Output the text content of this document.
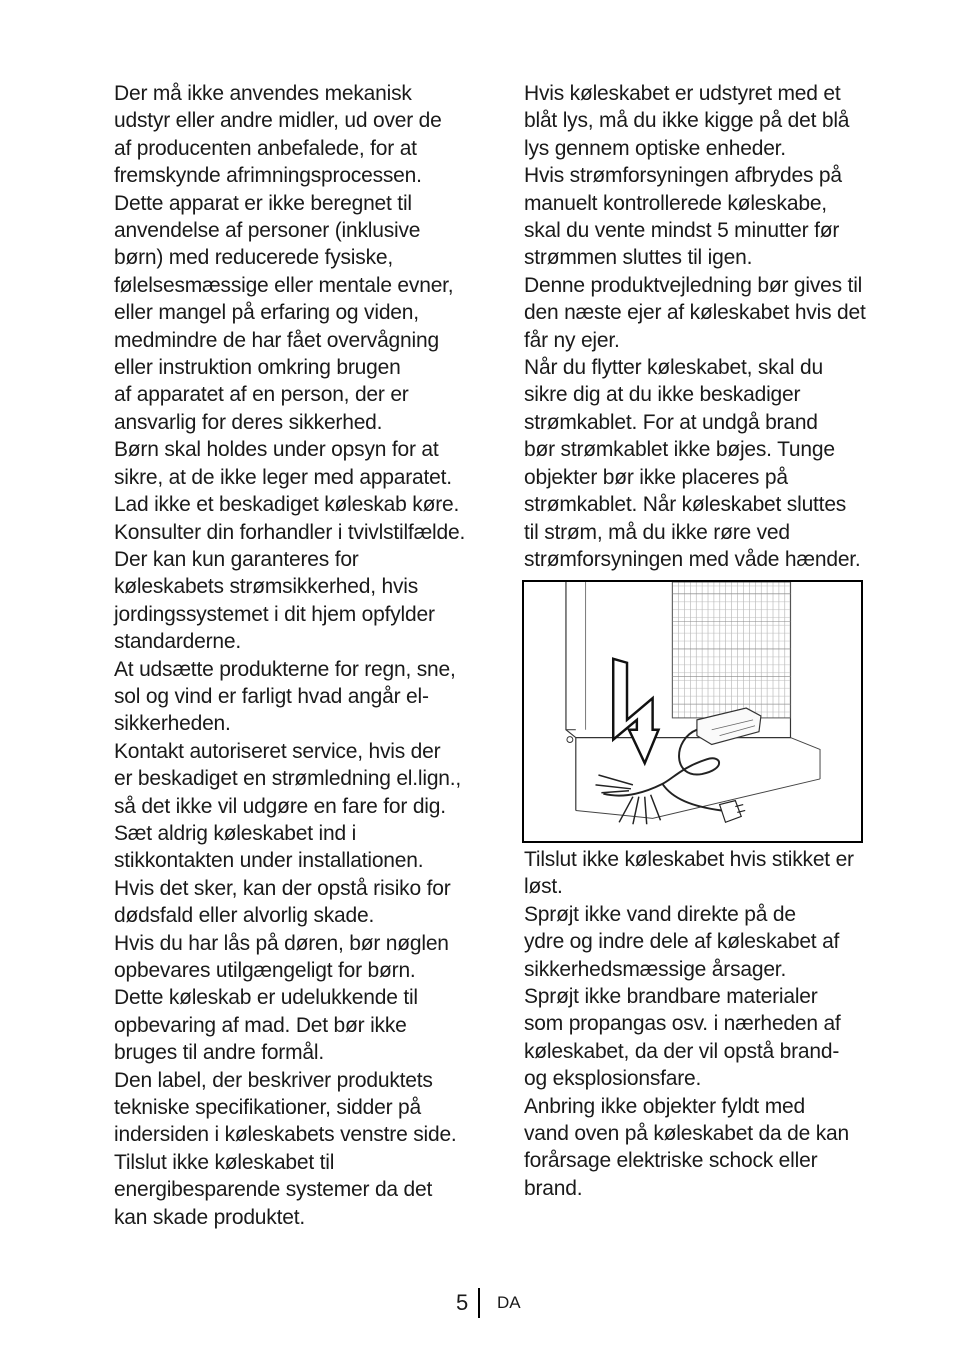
Der må ikke anvendes mekanisk
udstyr eller andre midler, ud over de
af producenten anbefalede, for at
fremskynde afrimningsprocessen.
Dette apparat er ikke beregnet til
anvendelse af personer (inklusive
børn) med reducerede fysiske,
følelsesmæssige eller mentale evner,
eller mangel på erfaring og viden,
medmindre de har fået overvågning
eller instruktion omkring brugen
af apparatet af en person, der er
ansvarlig for deres sikkerhed.
Børn skal holdes under opsyn for at
sikre, at de ikke leger med apparatet.
Lad ikke et beskadiget køleskab køre.
Konsulter din forhandler i tvivlstilfælde.
Der kan kun garanteres for
køleskabets strømsikkerhed, hvis
jordingssystemet i dit hjem opfylder
standarderne.
At udsætte produkterne for regn, sne,
sol og vind er farligt hvad angår el-
sikkerheden.
Kontakt autoriseret service, hvis der
er beskadiget en strømledning el.lign.,
så det ikke vil udgøre en fare for dig.
Sæt aldrig køleskabet ind i
stikkontakten under installationen.
Hvis det sker, kan der opstå risiko for
dødsfald eller alvorlig skade.
Hvis du har lås på døren, bør nøglen
opbevares utilgængeligt for børn.
Dette køleskab er udelukkende til
opbevaring af mad. Det bør ikke
bruges til andre formål.
Den label, der beskriver produktets
tekniske specifikationer, sidder på
indersiden i køleskabets venstre side.
Tilslut ikke køleskabet til
energibesparende systemer da det
kan skade produktet.
Hvis køleskabet er udstyret med et
blåt lys, må du ikke kigge på det blå
lys gennem optiske enheder.
Hvis strømforsyningen afbrydes på
manuelt kontrollerede køleskabe,
skal du vente mindst 5 minutter før
strømmen sluttes til igen.
Denne produktvejledning bør gives til
den næste ejer af køleskabet hvis det
får ny ejer.
Når du flytter køleskabet, skal du
sikre dig at du ikke beskadiger
strømkablet. For at undgå brand
bør strømkablet ikke bøjes. Tunge
objekter bør ikke placeres på
strømkablet. Når køleskabet sluttes
til strøm, må du ikke røre ved
strømforsyningen med våde hænder.
Tilslut ikke køleskabet hvis stikket er
løst.
Sprøjt ikke vand direkte på de
ydre og indre dele af køleskabet af
sikkerhedsmæssige årsager.
Sprøjt ikke brandbare materialer
som propangas osv. i nærheden af
køleskabet, da der vil opstå brand-
og eksplosionsfare.
Anbring ikke objekter fyldt med
vand oven på køleskabet da de kan
forårsage elektriske schock eller
brand.
5 DA
